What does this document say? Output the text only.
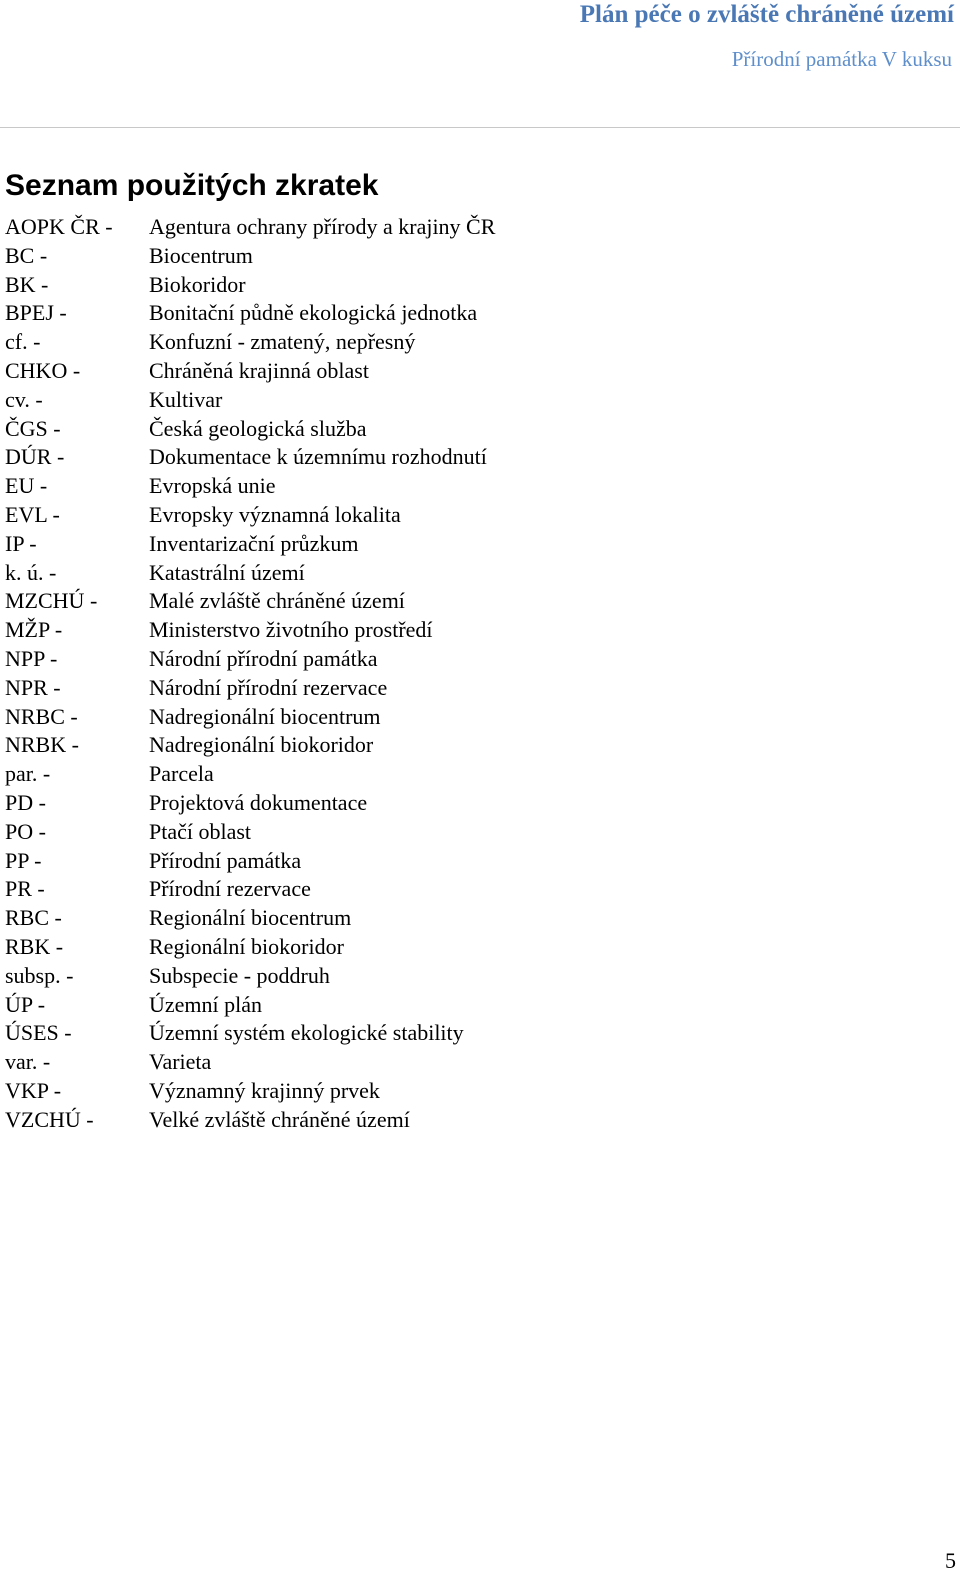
Plán péče o zvláště chráněné území
Přírodní památka V kuksu
Seznam použitých zkratek
AOPK ČR - Agentura ochrany přírody a krajiny ČR
BC -	Biocentrum
BK -	Biokoridor
BPEJ -	Bonitační půdně ekologická jednotka
cf. -	Konfuzní - zmatený, nepřesný
CHKO -	Chráněná krajinná oblast
cv. -	Kultivar
ČGS -	Česká geologická služba
DÚR -	Dokumentace k územnímu rozhodnutí
EU -	Evropská unie
EVL -	Evropsky významná lokalita
IP -	Inventarizační průzkum
k. ú. -	Katastrální území
MZCHÚ - Malé zvláště chráněné území
MŽP -	Ministerstvo životního prostředí
NPP -	Národní přírodní památka
NPR -	Národní přírodní rezervace
NRBC -	Nadregionální biocentrum
NRBK -	Nadregionální biokoridor
par. -	Parcela
PD -	Projektová dokumentace
PO -	Ptačí oblast
PP -	Přírodní památka
PR -	Přírodní rezervace
RBC -	Regionální biocentrum
RBK -	Regionální biokoridor
subsp. -	Subspecie - poddruh
ÚP -	Územní plán
ÚSES -	Územní systém ekologické stability
var. -	Varieta
VKP -	Významný krajinný prvek
VZCHÚ -	Velké zvláště chráněné území
5
